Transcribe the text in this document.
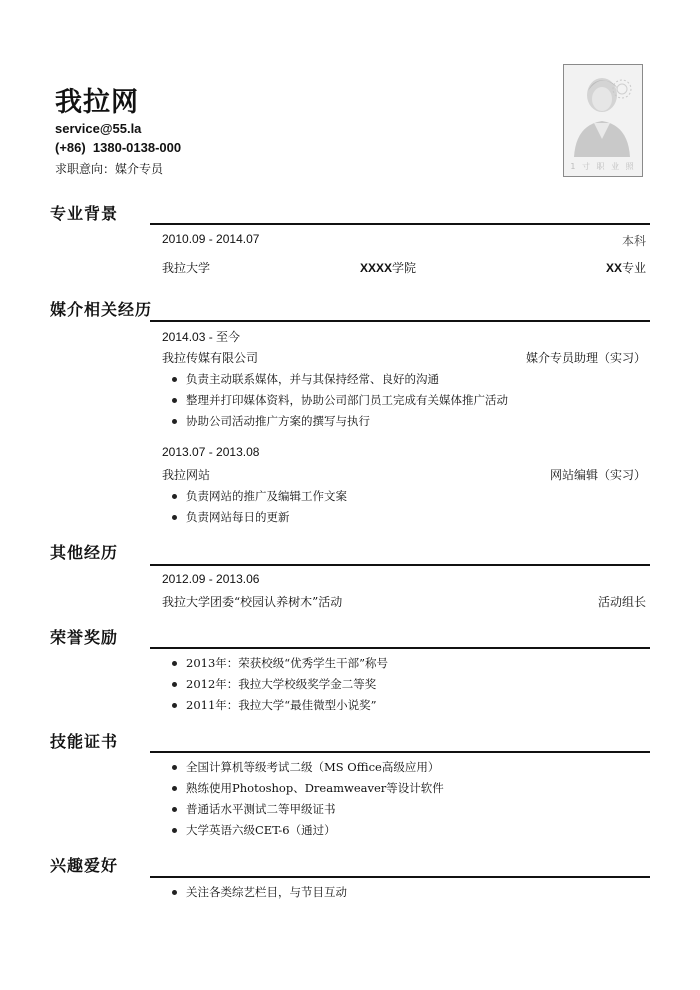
我拉网
service@55.la
(+86)  1380-0138-000
求职意向：媒介专员	1 寸 职 业 照
专业背景
2010.09 - 2014.07	本科
我拉大学	XXXX学院	XX专业
媒介相关经历
2014.03 - 至今
我拉传媒有限公司	媒介专员助理（实习）
负责主动联系媒体，并与其保持经常、良好的沟通
整理并打印媒体资料，协助公司部门员工完成有关媒体推广活动
协助公司活动推广方案的撰写与执行
2013.07 - 2013.08
我拉网站	网站编辑（实习）
负责网站的推广及编辑工作文案
负责网站每日的更新
其他经历
2012.09 - 2013.06
我拉大学团委“校园认养树木”活动	活动组长
荣誉奖励
2013年：荣获校级“优秀学生干部”称号
2012年：我拉大学校级奖学金二等奖
2011年：我拉大学“最佳微型小说奖”
技能证书
全国计算机等级考试二级（MS Office高级应用）
熟练使用Photoshop、Dreamweaver等设计软件
普通话水平测试二等甲级证书
大学英语六级CET-6（通过）
兴趣爱好
关注各类综艺栏目，与节目互动
